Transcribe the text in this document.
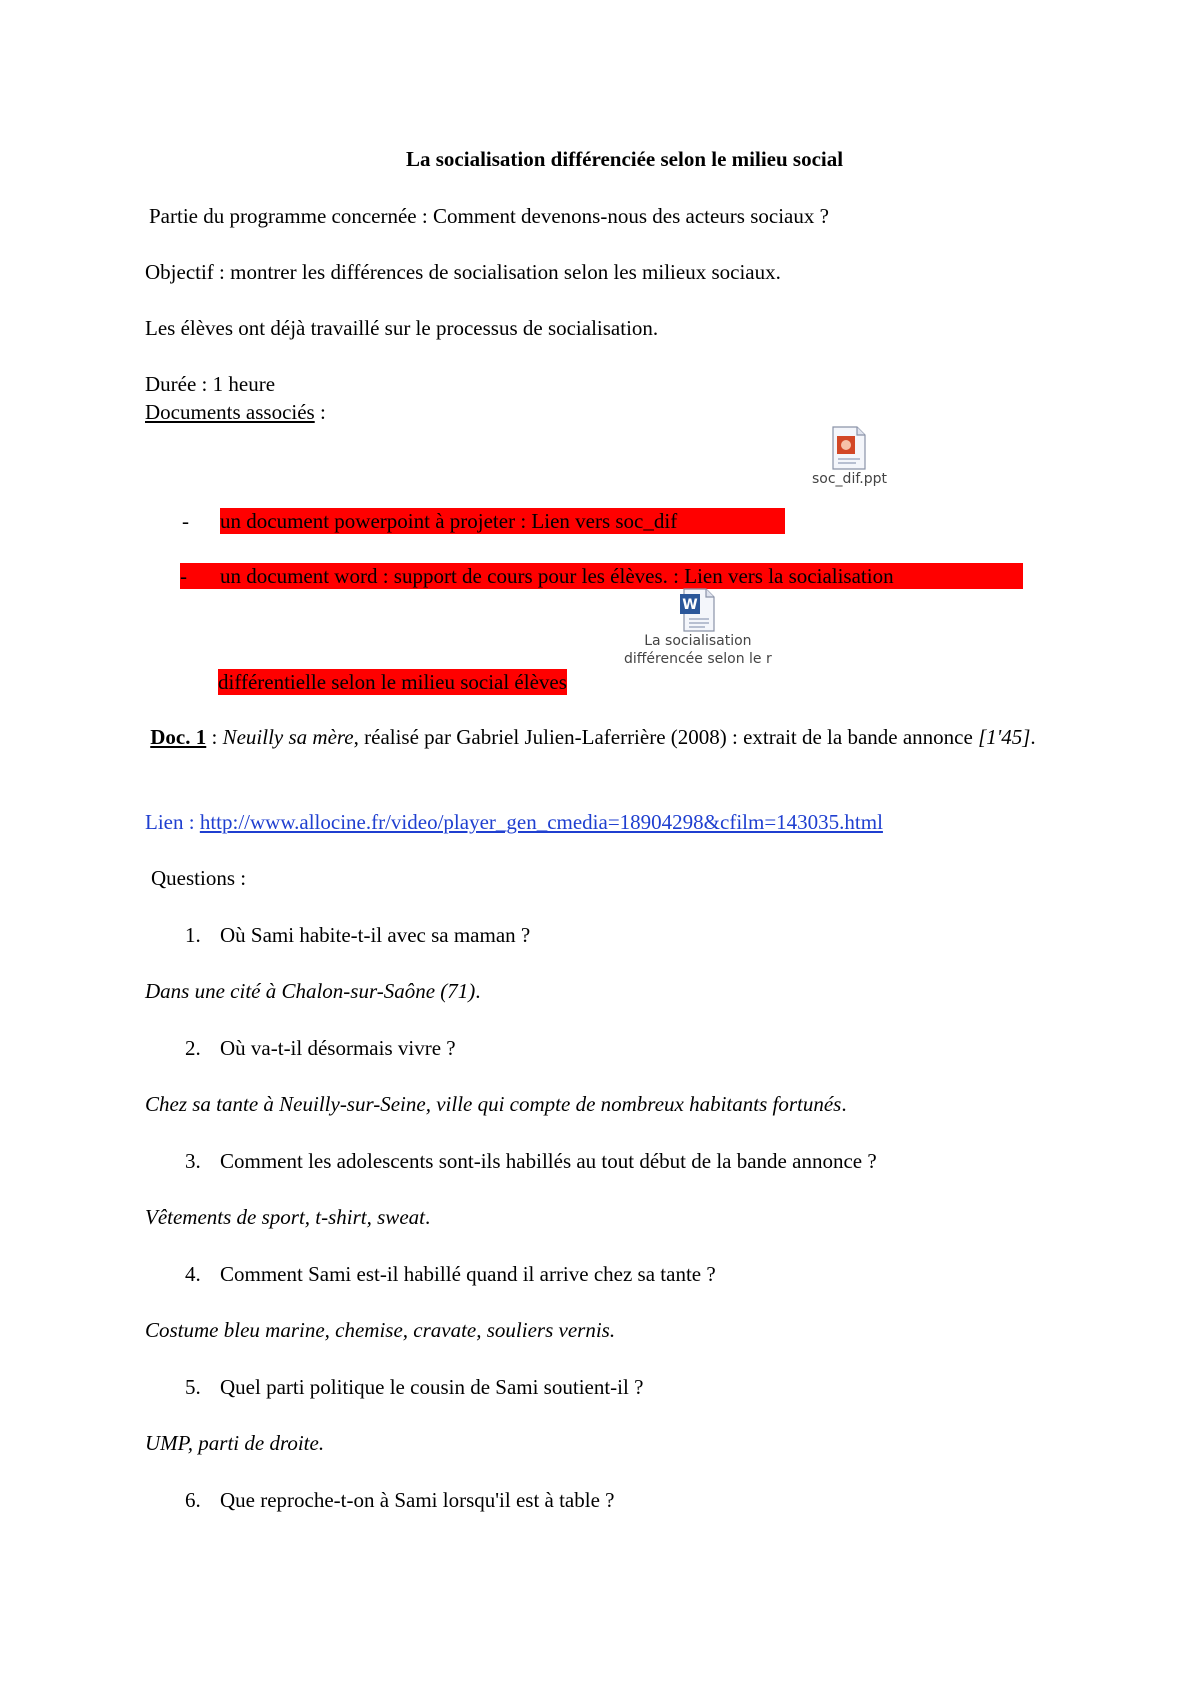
La socialisation différenciée selon le milieu social
Partie du programme concernée : Comment devenons-nous des acteurs sociaux ?
Objectif : montrer les différences de socialisation selon les milieux sociaux.
Les élèves ont déjà travaillé sur le processus de socialisation.
Durée : 1 heure
Documents associés :
soc_dif.ppt
- un document powerpoint à projeter : Lien vers soc_dif
-	un document word : support de cours pour les élèves. : Lien vers la socialisation
W
La socialisation
différencée selon le r
différentielle selon le milieu social élèves
Doc. 1 : Neuilly sa mère, réalisé par Gabriel Julien-Laferrière (2008) : extrait de la bande annonce [1'45].
Lien : http://www.allocine.fr/video/player_gen_cmedia=18904298&cfilm=143035.html
Questions :
1. Où Sami habite-t-il avec sa maman ?
Dans une cité à Chalon-sur-Saône (71).
2. Où va-t-il désormais vivre ?
Chez sa tante à Neuilly-sur-Seine, ville qui compte de nombreux habitants fortunés.
3. Comment les adolescents sont-ils habillés au tout début de la bande annonce ?
Vêtements de sport, t-shirt, sweat.
4. Comment Sami est-il habillé quand il arrive chez sa tante ?
Costume bleu marine, chemise, cravate, souliers vernis.
5. Quel parti politique le cousin de Sami soutient-il ?
UMP, parti de droite.
6. Que reproche-t-on à Sami lorsqu'il est à table ?
